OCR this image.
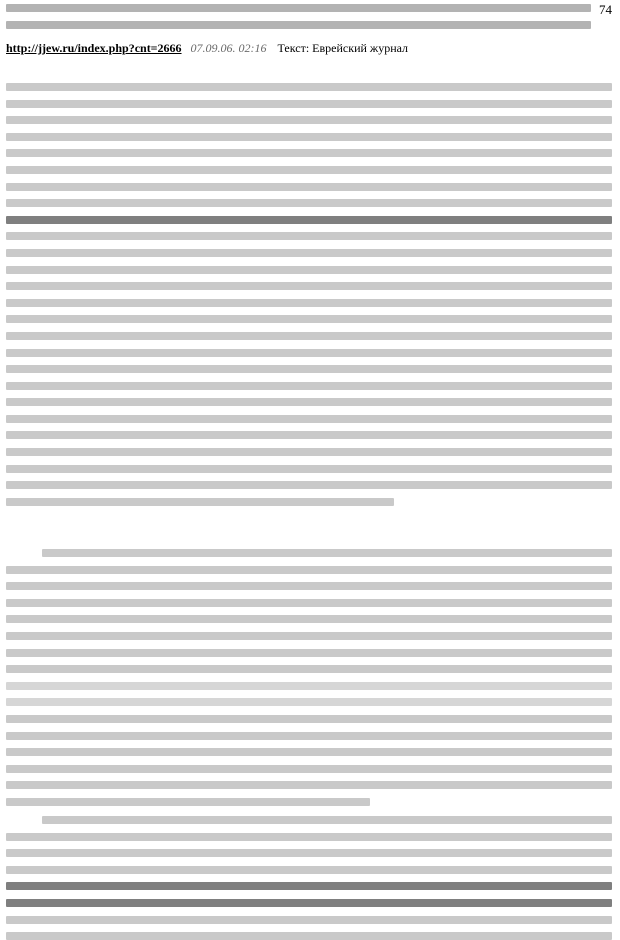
74
http://jjew.ru/index.php?cnt=2666 07.09.06. 02:16 Текст: Еврейский журнал
